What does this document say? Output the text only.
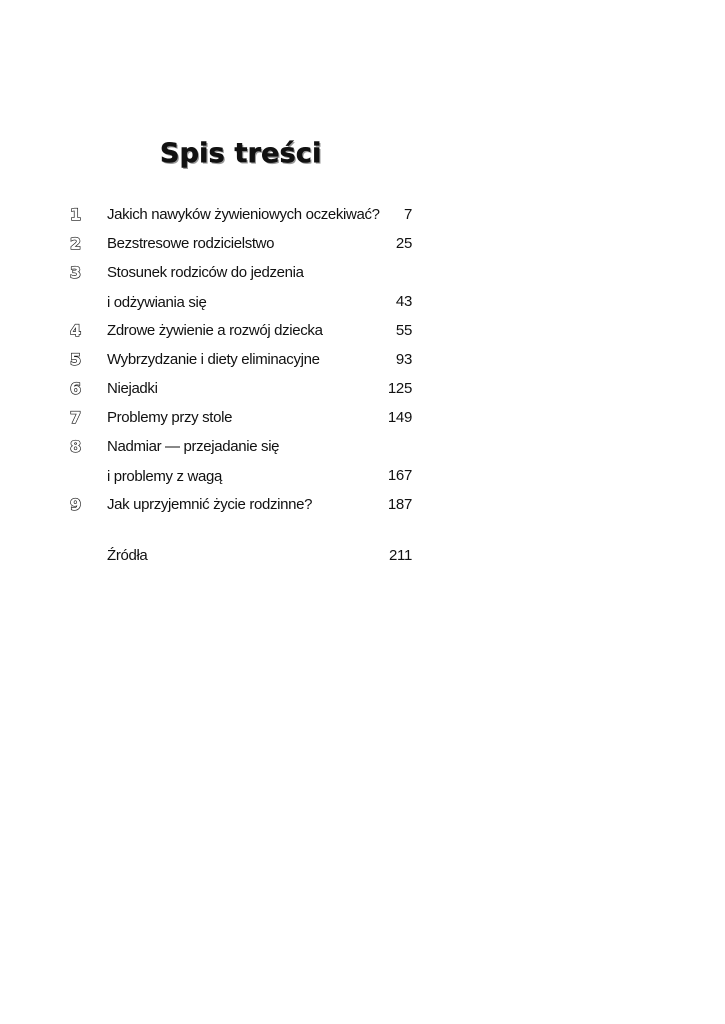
Spis treści
1	Jakich nawyków żywieniowych oczekiwać?	7
2	Bezstresowe rodzicielstwo	25
3	Stosunek rodziców do jedzenia
i odżywiania się	43
4	Zdrowe żywienie a rozwój dziecka	55
5	Wybrzydzanie i diety eliminacyjne	93
6	Niejadki	125
7	Problemy przy stole	149
8	Nadmiar — przejadanie się
i problemy z wagą	167
9	Jak uprzyjemnić życie rodzinne?	187
Źródła	211
